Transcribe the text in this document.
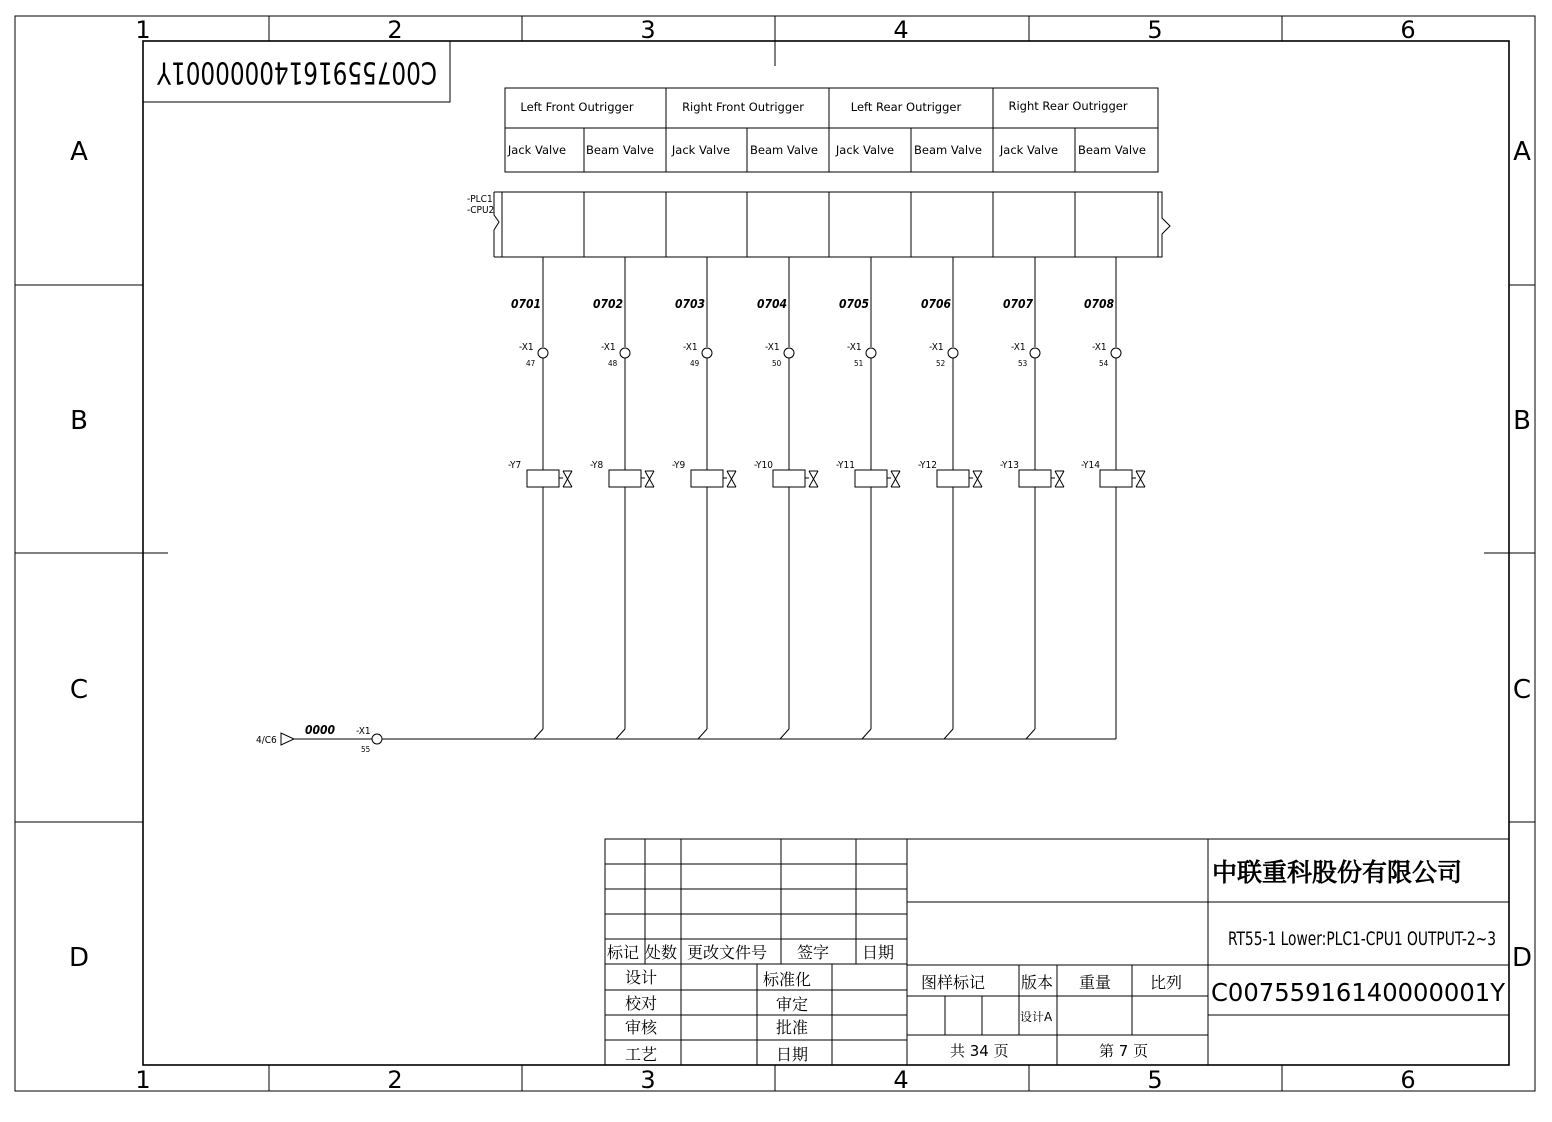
1	2	3	4	5	6
1	2	3	4	5	6
A
B
C
D
A
B
C
D
C00755916140000001Y
Left Front Outrigger	Right Front Outrigger	Left Rear Outrigger	Right Rear Outrigger
Jack Valve Beam Valve Jack Valve Beam Valve Jack Valve Beam Valve Jack Valve Beam Valve
-PLC1
-CPU2
0701
-X1
47
-Y7
0702
-X1
48
-Y8
0703
-X1
49
-Y9
0704
-X1
50
-Y10
0705
-X1
51
-Y11
0706
-X1
52
-Y12
0707
-X1
53
-Y13
0708
-X1
54
-Y14
4/C6
0000 -X1
55
标记 处数 更改文件号 签字 日期
设计	标准化
校对	审定
审核	批准
工艺	日期
图样标记 版本 重量 比列
设计A
共 34 页	第 7 页
中联重科股份有限公司
RT55-1 Lower:PLC1-CPU1 OUTPUT-2~3
C00755916140000001Y
